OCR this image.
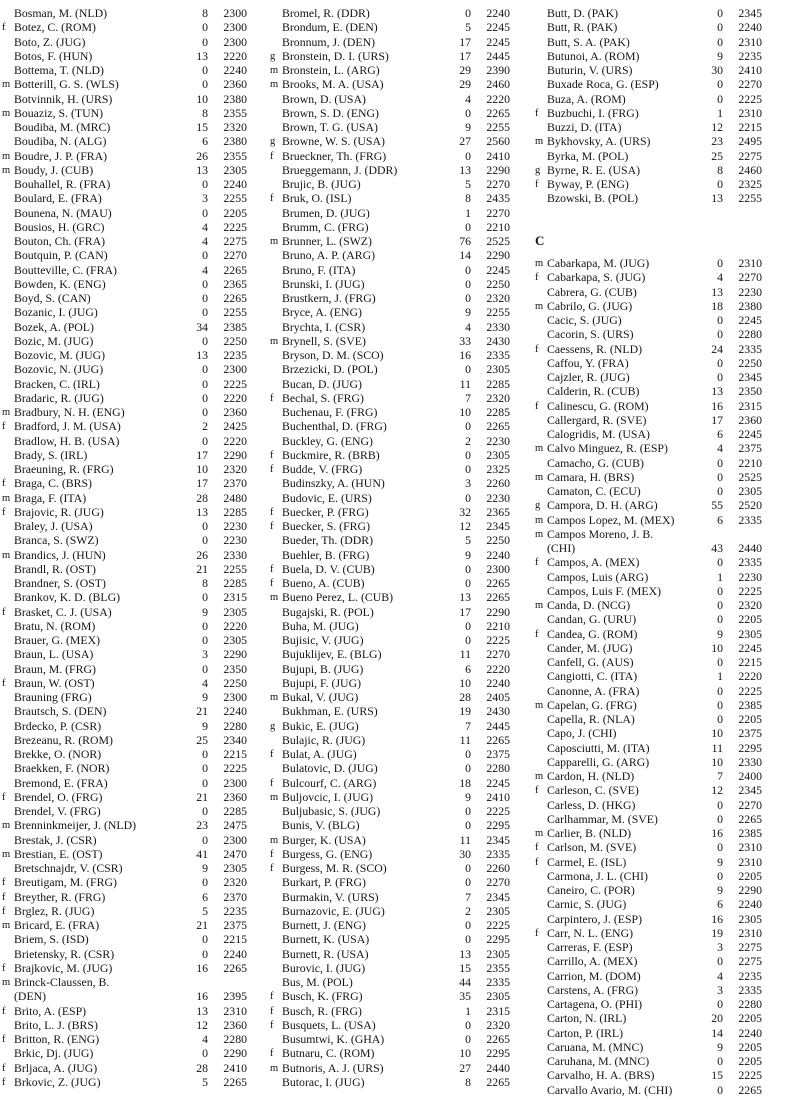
Bosman, M. (NLD)	8	2300
f Botez, C. (ROM)	0	2300
Boto, Z. (JUG)	0	2300
Botos, F. (HUN)	13	2220
Bottema, T. (NLD)	0	2240
m Botterill, G. S. (WLS)	0	2360
Botvinnik, H. (URS)	10	2380
m Bouaziz, S. (TUN)	8	2355
Boudiba, M. (MRC)	15	2320
Boudiba, N. (ALG)	6	2380
m Boudre, J. P. (FRA)	26	2355
m Boudy, J. (CUB)	13	2305
Bouhallel, R. (FRA)	0	2240
Boulard, E. (FRA)	3	2255
Bounena, N. (MAU)	0	2205
Bousios, H. (GRC)	4	2225
Bouton, Ch. (FRA)	4	2275
Boutquin, P. (CAN)	0	2270
Boutteville, C. (FRA)	4	2265
Bowden, K. (ENG)	0	2365
Boyd, S. (CAN)	0	2265
Bozanic, I. (JUG)	0	2255
Bozek, A. (POL)	34	2385
Bozic, M. (JUG)	0	2250
Bozovic, M. (JUG)	13	2235
Bozovic, N. (JUG)	0	2300
Bracken, C. (IRL)	0	2225
Bradaric, R. (JUG)	0	2220
m Bradbury, N. H. (ENG)	0	2360
f Bradford, J. M. (USA)	2	2425
Bradlow, H. B. (USA)	0	2220
Brady, S. (IRL)	17	2290
Braeuning, R. (FRG)	10	2320
f Braga, C. (BRS)	17	2370
m Braga, F. (ITA)	28	2480
f Brajovic, R. (JUG)	13	2285
Braley, J. (USA)	0	2230
Branca, S. (SWZ)	0	2230
m Brandics, J. (HUN)	26	2330
Brandl, R. (OST)	21	2255
Brandner, S. (OST)	8	2285
Brankov, K. D. (BLG)	0	2315
f Brasket, C. J. (USA)	9	2305
Bratu, N. (ROM)	0	2220
Brauer, G. (MEX)	0	2305
Braun, L. (USA)	3	2290
Braun, M. (FRG)	0	2350
f Braun, W. (OST)	4	2250
Brauning (FRG)	9	2300
Brautsch, S. (DEN)	21	2240
Brdecko, P. (CSR)	9	2280
Brezeanu, R. (ROM)	25	2340
Brekke, O. (NOR)	0	2215
Braekken, F. (NOR)	0	2225
Bremond, E. (FRA)	0	2300
f Brendel, O. (FRG)	21	2360
Brendel, V. (FRG)	0	2285
m Brenninkmeijer, J. (NLD)	23	2475
Brestak, J. (CSR)	0	2300
m Brestian, E. (OST)	41	2470
Bretschnajdr, V. (CSR)	9	2305
f Breutigam, M. (FRG)	0	2320
f Breyther, R. (FRG)	6	2370
f Brglez, R. (JUG)	5	2235
m Bricard, E. (FRA)	21	2375
Briem, S. (ISD)	0	2215
Brietensky, R. (CSR)	0	2240
f Brajkovic, M. (JUG)	16	2265
m Brinck-Claussen, B.
(DEN)	16	2395
f Brito, A. (ESP)	13	2310
Brito, L. J. (BRS)	12	2360
f Britton, R. (ENG)	4	2280
Brkic, Dj. (JUG)	0	2290
f Brljaca, A. (JUG)	28	2410
f Brkovic, Z. (JUG)	5	2265
Bromel, R. (DDR)	0	2240
Brondum, E. (DEN)	5	2245
Bronnum, J. (DEN)	17	2245
g Bronstein, D. I. (URS)	17	2445
m Bronstein, L. (ARG)	29	2390
m Brooks, M. A. (USA)	29	2460
Brown, D. (USA)	4	2220
Brown, S. D. (ENG)	0	2265
Brown, T. G. (USA)	9	2255
g Browne, W. S. (USA)	27	2560
f Brueckner, Th. (FRG)	0	2410
Brueggemann, J. (DDR)	13	2290
Brujic, B. (JUG)	5	2270
f Bruk, O. (ISL)	8	2435
Brumen, D. (JUG)	1	2270
Brumm, C. (FRG)	0	2210
m Brunner, L. (SWZ)	76	2525
Bruno, A. P. (ARG)	14	2290
Bruno, F. (ITA)	0	2245
Brunski, I. (JUG)	0	2250
Brustkern, J. (FRG)	0	2320
Bryce, A. (ENG)	9	2255
Brychta, I. (CSR)	4	2330
m Brynell, S. (SVE)	33	2430
Bryson, D. M. (SCO)	16	2335
Brzezicki, D. (POL)	0	2305
Bucan, D. (JUG)	11	2285
f Bechal, S. (FRG)	7	2320
Buchenau, F. (FRG)	10	2285
Buchenthal, D. (FRG)	0	2265
Buckley, G. (ENG)	2	2230
f Buckmire, R. (BRB)	0	2305
f Budde, V. (FRG)	0	2325
Budinszky, A. (HUN)	3	2260
Budovic, E. (URS)	0	2230
f Buecker, P. (FRG)	32	2365
f Buecker, S. (FRG)	12	2345
Bueder, Th. (DDR)	5	2250
Buehler, B. (FRG)	9	2240
f Buela, D. V. (CUB)	0	2300
f Bueno, A. (CUB)	0	2265
m Bueno Perez, L. (CUB)	13	2265
Bugajski, R. (POL)	17	2290
Buha, M. (JUG)	0	2210
Bujisic, V. (JUG)	0	2225
Bujuklijev, E. (BLG)	11	2270
Bujupi, B. (JUG)	6	2220
Bujupi, F. (JUG)	10	2240
m Bukal, V. (JUG)	28	2405
Bukhman, E. (URS)	19	2430
g Bukic, E. (JUG)	7	2445
Bulajic, R. (JUG)	11	2265
f Bulat, A. (JUG)	0	2375
Bulatovic, D. (JUG)	0	2280
f Bulcourf, C. (ARG)	18	2245
m Buljovcic, I. (JUG)	9	2410
Buljubasic, S. (JUG)	0	2225
Bunis, V. (BLG)	0	2295
m Burger, K. (USA)	11	2345
f Burgess, G. (ENG)	30	2335
f Burgess, M. R. (SCO)	0	2260
Burkart, P. (FRG)	0	2270
Burmakin, V. (URS)	7	2345
Burnazovic, E. (JUG)	2	2305
Burnett, J. (ENG)	0	2225
Burnett, K. (USA)	0	2295
Burnett, R. (USA)	13	2305
Burovic, I. (JUG)	15	2355
Bus, M. (POL)	44	2335
f Busch, K. (FRG)	35	2305
f Busch, R. (FRG)	1	2315
f Busquets, L. (USA)	0	2320
Busumtwi, K. (GHA)	0	2265
f Butnaru, C. (ROM)	10	2295
m Butnoris, A. J. (URS)	27	2440
Butorac, I. (JUG)	8	2265
C
Butt, D. (PAK)	0	2345
Butt, R. (PAK)	0	2240
Butt, S. A. (PAK)	0	2310
Butunoi, A. (ROM)	9	2235
Buturin, V. (URS)	30	2410
Buxade Roca, G. (ESP)	0	2270
Buza, A. (ROM)	0	2225
f Buzbuchi, I. (FRG)	1	2310
Buzzi, D. (ITA)	12	2215
m Bykhovsky, A. (URS)	23	2495
Byrka, M. (POL)	25	2275
g Byrne, R. E. (USA)	8	2460
f Byway, P. (ENG)	0	2325
Bzowski, B. (POL)	13	2255
m Cabarkapa, M. (JUG)	0	2310
f Cabarkapa, S. (JUG)	4	2270
Cabrera, G. (CUB)	13	2230
m Cabrilo, G. (JUG)	18	2380
Cacic, S. (JUG)	0	2245
Cacorin, S. (URS)	0	2280
f Caessens, R. (NLD)	24	2335
Caffou, Y. (FRA)	0	2250
Cajzler, R. (JUG)	0	2345
Calderin, R. (CUB)	13	2350
f Calinescu, G. (ROM)	16	2315
Callergard, R. (SVE)	17	2360
Calogridis, M. (USA)	6	2245
m Calvo Minguez, R. (ESP)	4	2375
Camacho, G. (CUB)	0	2210
m Camara, H. (BRS)	0	2525
Camaton, C. (ECU)	0	2305
g Campora, D. H. (ARG)	55	2520
m Campos Lopez, M. (MEX)	6	2335
m Campos Moreno, J. B.
(CHI)	43	2440
f Campos, A. (MEX)	0	2335
Campos, Luis (ARG)	1	2230
Campos, Luis F. (MEX)	0	2225
m Canda, D. (NCG)	0	2320
Candan, G. (URU)	0	2205
f Candea, G. (ROM)	9	2305
Cander, M. (JUG)	10	2245
Canfell, G. (AUS)	0	2215
Cangiotti, C. (ITA)	1	2220
Canonne, A. (FRA)	0	2225
m Capelan, G. (FRG)	0	2385
Capella, R. (NLA)	0	2205
Capo, J. (CHI)	10	2375
Caposciutti, M. (ITA)	11	2295
Capparelli, G. (ARG)	10	2330
m Cardon, H. (NLD)	7	2400
f Carleson, C. (SVE)	12	2345
Carless, D. (HKG)	0	2270
Carlhammar, M. (SVE)	0	2265
m Carlier, B. (NLD)	16	2385
f Carlson, M. (SVE)	0	2310
f Carmel, E. (ISL)	9	2310
Carmona, J. L. (CHI)	0	2205
Caneiro, C. (POR)	9	2290
Carnic, S. (JUG)	6	2240
Carpintero, J. (ESP)	16	2305
f Carr, N. L. (ENG)	19	2310
Carreras, F. (ESP)	3	2275
Carrillo, A. (MEX)	0	2275
Carrion, M. (DOM)	4	2235
Carstens, A. (FRG)	3	2335
Cartagena, O. (PHI)	0	2280
Carton, N. (IRL)	20	2205
Carton, P. (IRL)	14	2240
Caruana, M. (MNC)	9	2205
Caruhana, M. (MNC)	0	2205
Carvalho, H. A. (BRS)	15	2225
Carvallo Avario, M. (CHI)	0	2265
